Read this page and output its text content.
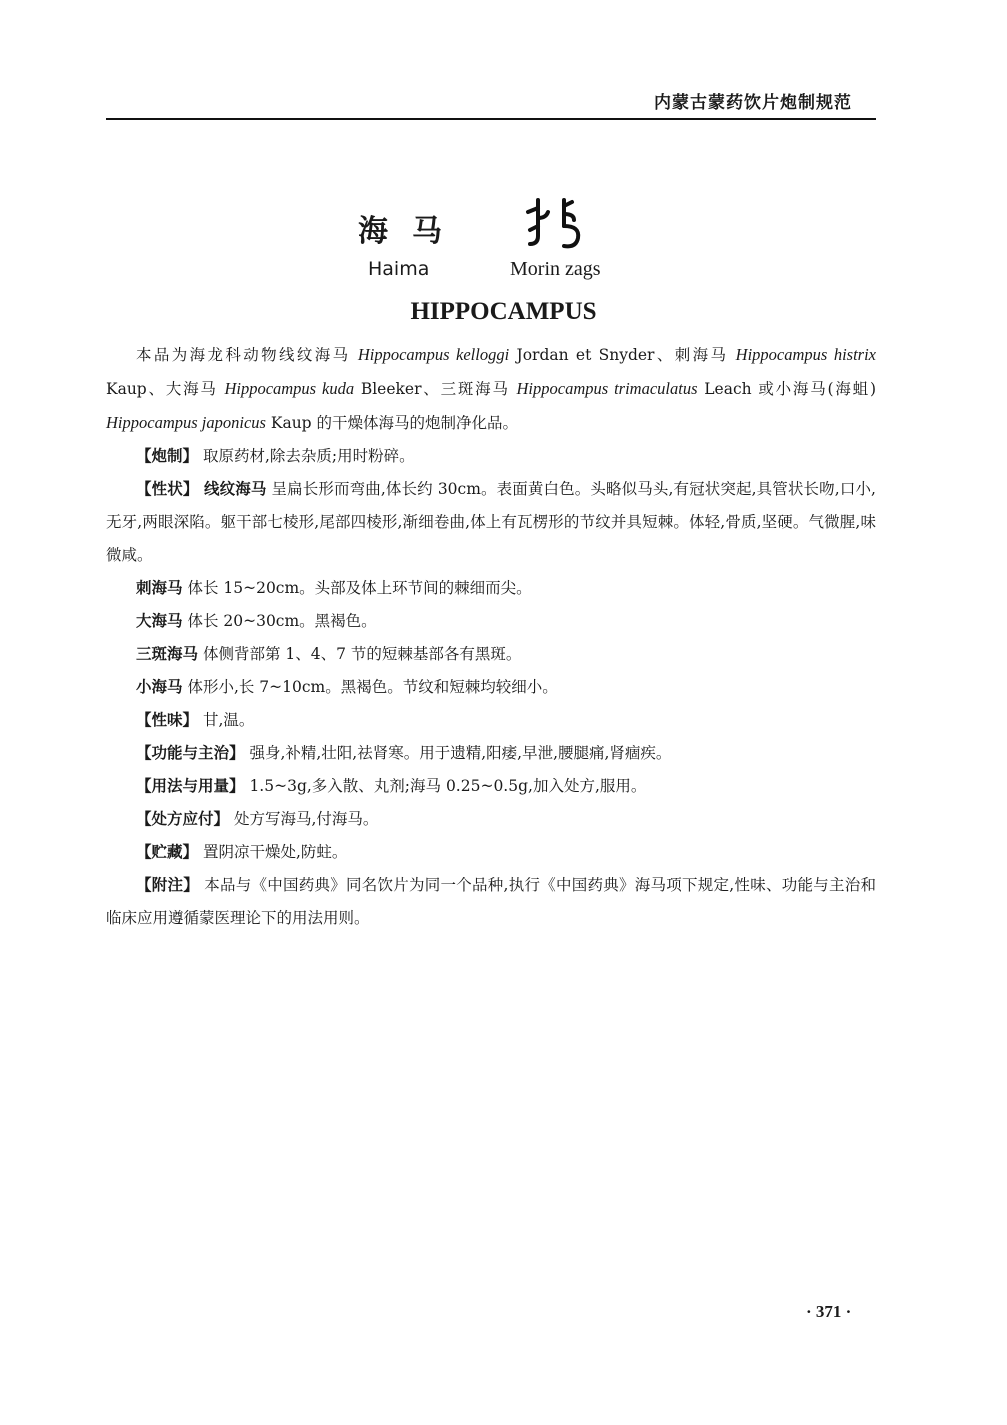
内蒙古蒙药饮片炮制规范
海马
Haima	Morin zags
HIPPOCAMPUS

本品为海龙科动物线纹海马 Hippocampus kelloggi Jordan et Snyder、刺海马 Hippocampus histrix Kaup、大海马 Hippocampus kuda Bleeker、三斑海马 Hippocampus trimaculatus Leach 或小海马(海蛆) Hippocampus japonicus Kaup 的干燥体海马的炮制净化品。

【炮制】 取原药材,除去杂质;用时粉碎。

【性状】 线纹海马 呈扁长形而弯曲,体长约 30cm。表面黄白色。头略似马头,有冠状突起,具管状长吻,口小,无牙,两眼深陷。躯干部七棱形,尾部四棱形,渐细卷曲,体上有瓦楞形的节纹并具短棘。体轻,骨质,坚硬。气微腥,味微咸。

刺海马 体长 15~20cm。头部及体上环节间的棘细而尖。

大海马 体长 20~30cm。黑褐色。

三斑海马 体侧背部第 1、4、7 节的短棘基部各有黑斑。

小海马 体形小,长 7~10cm。黑褐色。节纹和短棘均较细小。

【性味】 甘,温。

【功能与主治】 强身,补精,壮阳,祛肾寒。用于遗精,阳痿,早泄,腰腿痛,肾痼疾。

【用法与用量】 1.5~3g,多入散、丸剂;海马 0.25~0.5g,加入处方,服用。

【处方应付】 处方写海马,付海马。

【贮藏】 置阴凉干燥处,防蛀。

【附注】 本品与《中国药典》同名饮片为同一个品种,执行《中国药典》海马项下规定,性味、功能与主治和临床应用遵循蒙医理论下的用法用则。

· 371 ·
